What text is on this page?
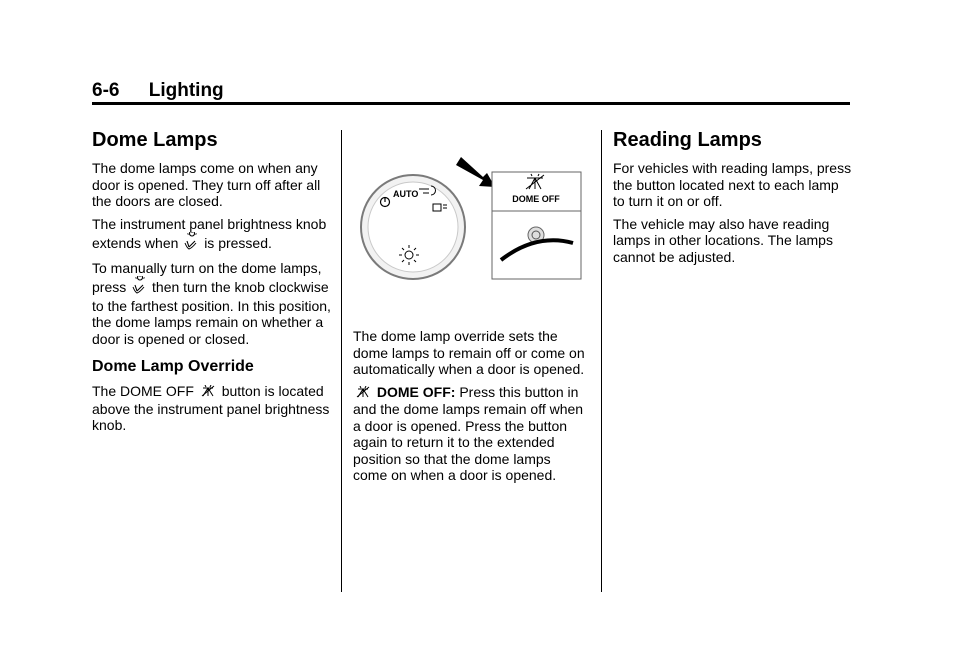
6-6 Lighting
Dome Lamps

The dome lamps come on when any door is opened. They turn off after all the doors are closed.

The instrument panel brightness knob extends when is pressed.

To manually turn on the dome lamps, press then turn the knob clockwise to the farthest position. In this position, the dome lamps remain on whether a door is opened or closed.

Dome Lamp Override

The DOME OFF button is located above the instrument panel brightness knob.

AUTO	DOME OFF

The dome lamp override sets the dome lamps to remain off or come on automatically when a door is opened.

DOME OFF: Press this button in and the dome lamps remain off when a door is opened. Press the button again to return it to the extended position so that the dome lamps come on when a door is opened.

Reading Lamps

For vehicles with reading lamps, press the button located next to each lamp to turn it on or off.

The vehicle may also have reading lamps in other locations. The lamps cannot be adjusted.
